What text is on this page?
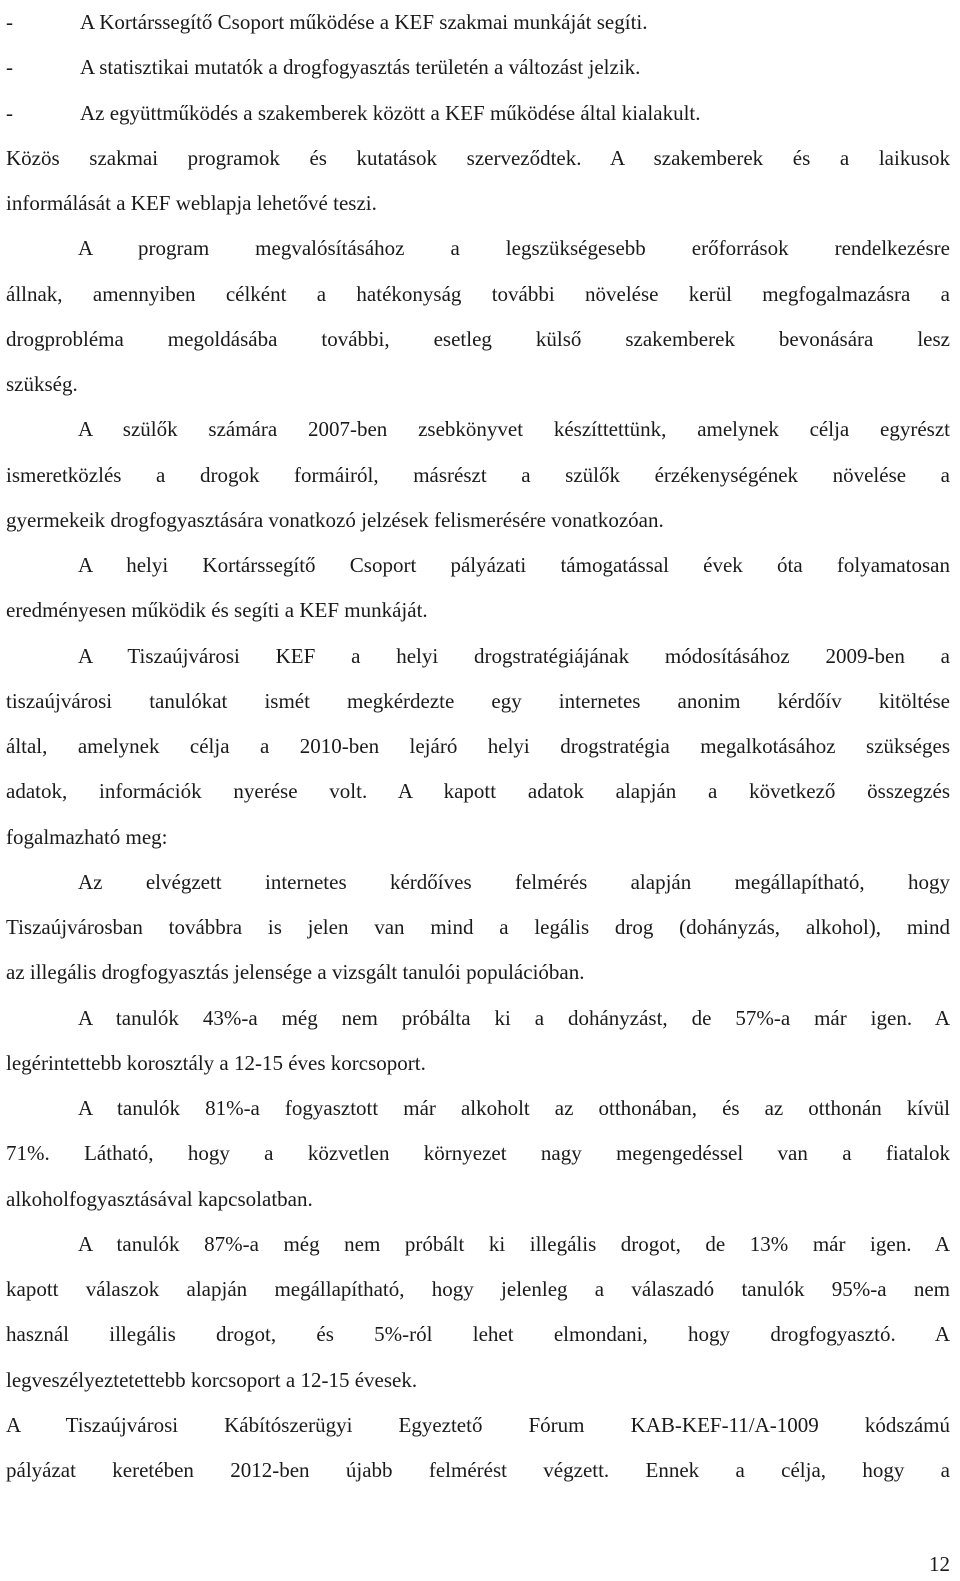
-	A Kortárssegítő Csoport működése a KEF szakmai munkáját segíti.
-	A statisztikai mutatók a drogfogyasztás területén a változást jelzik.
-	Az együttműködés a szakemberek között a KEF működése által kialakult.
Közös szakmai programok és kutatások szerveződtek. A szakemberek és a laikusok
informálását a KEF weblapja lehetővé teszi.
A program megvalósításához a legszükségesebb erőforrások rendelkezésre
állnak, amennyiben célként a hatékonyság további növelése kerül megfogalmazásra a
drogprobléma megoldásába további, esetleg külső szakemberek bevonására lesz
szükség.
A szülők számára 2007-ben zsebkönyvet készíttettünk, amelynek célja egyrészt
ismeretközlés a drogok formáiról, másrészt a szülők érzékenységének növelése a
gyermekeik drogfogyasztására vonatkozó jelzések felismerésére vonatkozóan.
A helyi Kortárssegítő Csoport pályázati támogatással évek óta folyamatosan
eredményesen működik és segíti a KEF munkáját.
A Tiszaújvárosi KEF a helyi drogstratégiájának módosításához 2009-ben a
tiszaújvárosi tanulókat ismét megkérdezte egy internetes anonim kérdőív kitöltése
által, amelynek célja a 2010-ben lejáró helyi drogstratégia megalkotásához szükséges
adatok, információk nyerése volt. A kapott adatok alapján a következő összegzés
fogalmazható meg:
Az elvégzett internetes kérdőíves felmérés alapján megállapítható, hogy
Tiszaújvárosban továbbra is jelen van mind a legális drog (dohányzás, alkohol), mind
az illegális drogfogyasztás jelensége a vizsgált tanulói populációban.
A tanulók 43%-a még nem próbálta ki a dohányzást, de 57%-a már igen. A
legérintettebb korosztály a 12-15 éves korcsoport.
A tanulók 81%-a fogyasztott már alkoholt az otthonában, és az otthonán kívül
71%. Látható, hogy a közvetlen környezet nagy megengedéssel van a fiatalok
alkoholfogyasztásával kapcsolatban.
A tanulók 87%-a még nem próbált ki illegális drogot, de 13% már igen. A
kapott válaszok alapján megállapítható, hogy jelenleg a válaszadó tanulók 95%-a nem
használ illegális drogot, és 5%-ról lehet elmondani, hogy drogfogyasztó. A
legveszélyeztetettebb korcsoport a 12-15 évesek.
A Tiszaújvárosi Kábítószerügyi Egyeztető Fórum KAB-KEF-11/A-1009 kódszámú
pályázat keretében 2012-ben újabb felmérést végzett. Ennek a célja, hogy a
12
